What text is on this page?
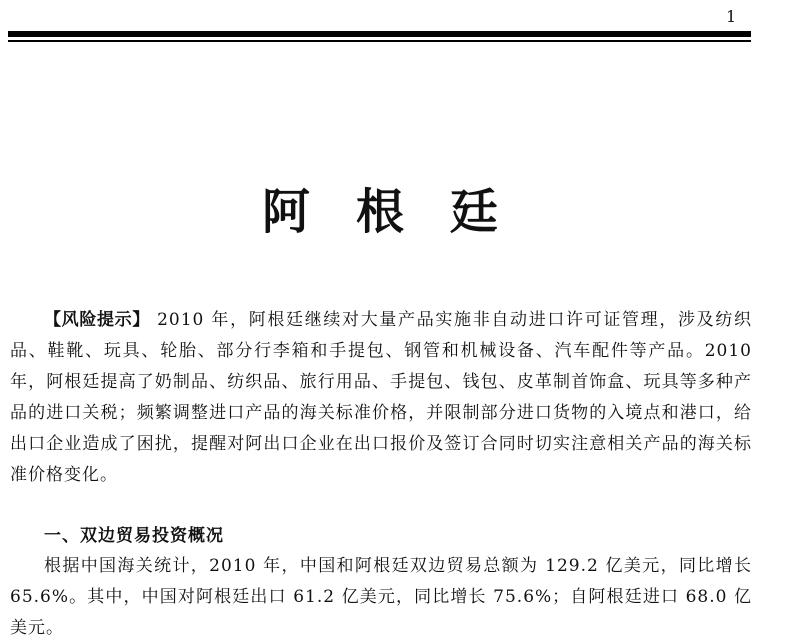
1
阿根廷

【风险提示】 2010 年，阿根廷继续对大量产品实施非自动进口许可证管理，涉及纺织品、鞋靴、玩具、轮胎、部分行李箱和手提包、钢管和机械设备、汽车配件等产品。2010 年，阿根廷提高了奶制品、纺织品、旅行用品、手提包、钱包、皮革制首饰盒、玩具等多种产品的进口关税；频繁调整进口产品的海关标准价格，并限制部分进口货物的入境点和港口，给出口企业造成了困扰，提醒对阿出口企业在出口报价及签订合同时切实注意相关产品的海关标准价格变化。

一、双边贸易投资概况

根据中国海关统计，2010 年，中国和阿根廷双边贸易总额为 129.2 亿美元，同比增长 65.6%。其中，中国对阿根廷出口 61.2 亿美元，同比增长 75.6%；自阿根廷进口 68.0 亿美元。
